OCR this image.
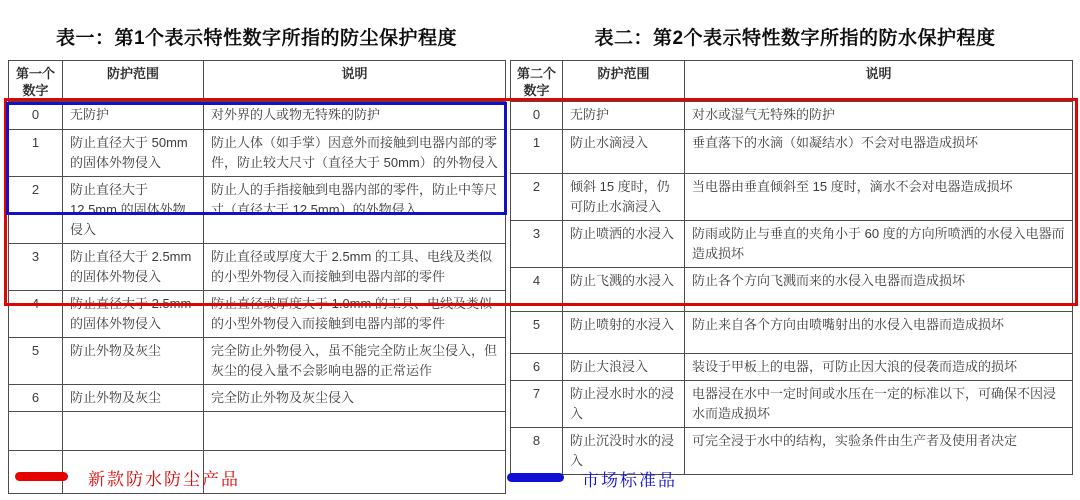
表一：第1个表示特性数字所指的防尘保护程度	表二：第2个表示特性数字所指的防水保护程度
第一个数字	防护范围	说明
0	无防护	对外界的人或物无特殊的防护
1	防止直径大于 50mm 的固体外物侵入	防止人体（如手掌）因意外而接触到电器内部的零件，防止较大尺寸（直径大于 50mm）的外物侵入
2	防止直径大于 12.5mm 的固体外物侵入	防止人的手指接触到电器内部的零件，防止中等尺寸（直径大于 12.5mm）的外物侵入
3	防止直径大于 2.5mm 的固体外物侵入	防止直径或厚度大于 2.5mm 的工具、电线及类似的小型外物侵入而接触到电器内部的零件
4	防止直径大于 2.5mm 的固体外物侵入	防止直径或厚度大于 1.0mm 的工具、电线及类似的小型外物侵入而接触到电器内部的零件
5	防止外物及灰尘	完全防止外物侵入，虽不能完全防止灰尘侵入，但灰尘的侵入量不会影响电器的正常运作
6	防止外物及灰尘	完全防止外物及灰尘侵入

第二个数字	防护范围	说明
0	无防护	对水或湿气无特殊的防护
1	防止水滴浸入	垂直落下的水滴（如凝结水）不会对电器造成损坏
2	倾斜 15 度时，仍可防止水滴浸入	当电器由垂直倾斜至 15 度时，滴水不会对电器造成损坏
3	防止喷洒的水浸入	防雨或防止与垂直的夹角小于 60 度的方向所喷洒的水侵入电器而造成损坏
4	防止飞溅的水浸入	防止各个方向飞溅而来的水侵入电器而造成损坏
5	防止喷射的水浸入	防止来自各个方向由喷嘴射出的水侵入电器而造成损坏
6	防止大浪浸入	装设于甲板上的电器，可防止因大浪的侵袭而造成的损坏
7	防止浸水时水的浸入	电器浸在水中一定时间或水压在一定的标准以下，可确保不因浸水而造成损坏
8	防止沉没时水的浸入	可完全浸于水中的结构，实验条件由生产者及使用者决定
新款防水防尘产品	市场标准品
